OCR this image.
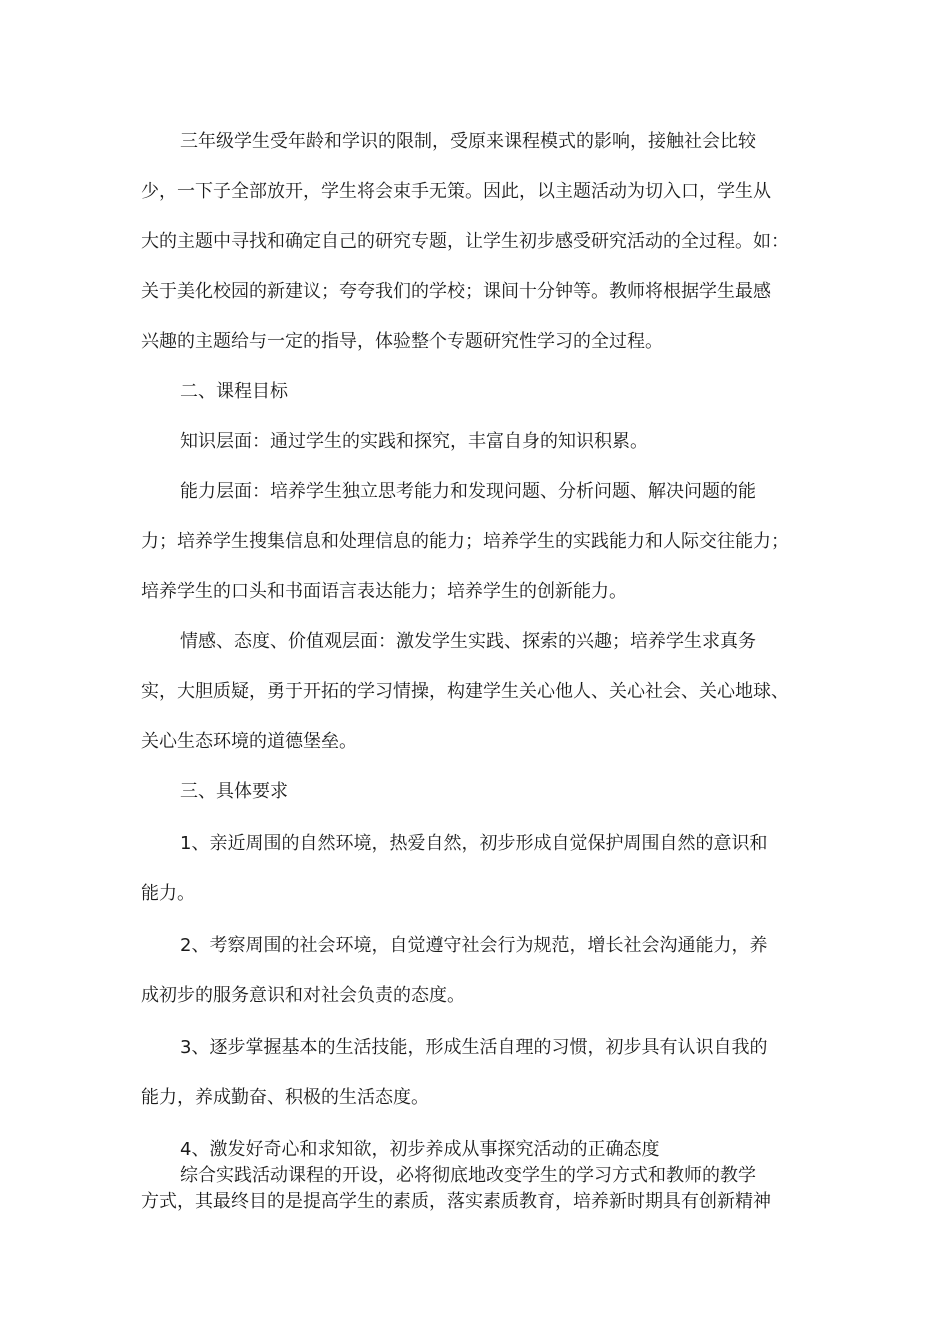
三年级学生受年龄和学识的限制，受原来课程模式的影响，接触社会比较
少，一下子全部放开，学生将会束手无策。因此，以主题活动为切入口，学生从
大的主题中寻找和确定自己的研究专题，让学生初步感受研究活动的全过程。如：
关于美化校园的新建议；夸夸我们的学校；课间十分钟等。教师将根据学生最感
兴趣的主题给与一定的指导，体验整个专题研究性学习的全过程。
二、课程目标
知识层面：通过学生的实践和探究，丰富自身的知识积累。
能力层面：培养学生独立思考能力和发现问题、分析问题、解决问题的能
力；培养学生搜集信息和处理信息的能力；培养学生的实践能力和人际交往能力；
培养学生的口头和书面语言表达能力；培养学生的创新能力。
情感、态度、价值观层面：激发学生实践、探索的兴趣；培养学生求真务
实，大胆质疑，勇于开拓的学习情操，构建学生关心他人、关心社会、关心地球、
关心生态环境的道德堡垒。
三、具体要求
1、亲近周围的自然环境，热爱自然，初步形成自觉保护周围自然的意识和
能力。
2、考察周围的社会环境，自觉遵守社会行为规范，增长社会沟通能力，养
成初步的服务意识和对社会负责的态度。
3、逐步掌握基本的生活技能，形成生活自理的习惯，初步具有认识自我的
能力，养成勤奋、积极的生活态度。
4、激发好奇心和求知欲，初步养成从事探究活动的正确态度
综合实践活动课程的开设，必将彻底地改变学生的学习方式和教师的教学
方式，其最终目的是提高学生的素质，落实素质教育，培养新时期具有创新精神
